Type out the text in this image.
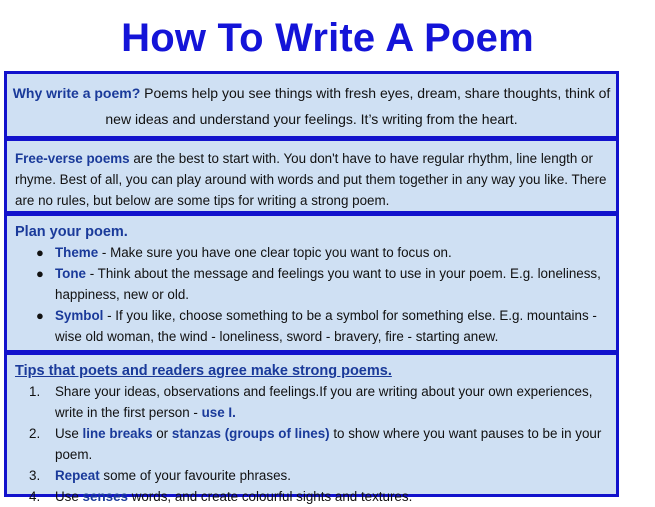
How To Write A Poem
Why write a poem? Poems help you see things with fresh eyes, dream, share thoughts, think of new ideas and understand your feelings. It’s writing from the heart.
Free-verse poems are the best to start with. You don't have to have regular rhythm, line length or rhyme. Best of all, you can play around with words and put them together in any way you like. There are no rules, but below are some tips for writing a strong poem.
Plan your poem.
● Theme - Make sure you have one clear topic you want to focus on.
● Tone - Think about the message and feelings you want to use in your poem. E.g. loneliness, happiness, new or old.
● Symbol - If you like, choose something to be a symbol for something else. E.g. mountains - wise old woman, the wind - loneliness, sword - bravery, fire - starting anew.
Tips that poets and readers agree make strong poems.
1. Share your ideas, observations and feelings.If you are writing about your own experiences, write in the first person - use I.
2. Use line breaks or stanzas (groups of lines) to show where you want pauses to be in your poem.
3. Repeat some of your favourite phrases.
4. Use senses words, and create colourful sights and textures.
